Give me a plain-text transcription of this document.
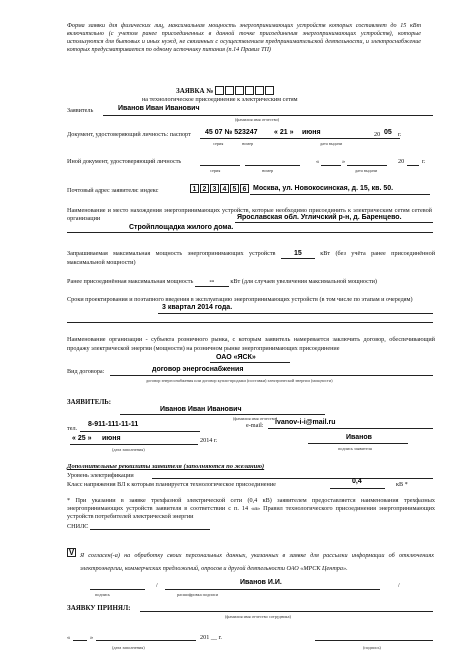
Форма заявки для физических лиц, максимальная мощность энергопринимающих устройств которых составляет до 15 кВт включительно (с учетом ранее присоединенных в данной точке присоединения энергопринимающих устройств), которые используются для бытовых и иных нужд, не связанных с осуществлением предпринимательской деятельности, и электроснабжение которых предусматривается по одному источнику питания (п.14 Правил ТП)
ЗАЯВКА №
на технологическое присоединение к электрическим сетям
Заявитель	Иванов Иван Иванович
(фамилия имя отчество)
Документ, удостоверяющий личность: паспорт 45 07 № 523247 « 21 » июня	20 05 г.
серия	номер	дата выдачи
Иной документ, удостоверяющий личность	«	»	20	г.
серия	номер	дата выдачи
Почтовый адрес заявителя: индекс	1 2 3 4 5 6 Москва, ул. Новокосинская, д. 15, кв. 50.
Наименование и место нахождения энергопринимающих устройств, которые необходимо присоединить к электрическим сетям сетевой организации	Ярославская обл. Угличский р-н, д. Баренцево.
Стройплощадка жилого дома.
Запрашиваемая максимальная мощность энергопринимающих устройств	15	кВт (без учёта ранее присоединённой максимальной мощности)
Ранее присоединённая максимальная мощность --	кВт (для случаев увеличения максимальной мощности)
Сроки проектирования и поэтапного введения в эксплуатацию энергопринимающих устройств (в том числе по этапам и очередям)
3 квартал 2014 года.
Наименование организации - субъекта розничного рынка, с которым заявитель намеревается заключить договор, обеспечивающий продажу электрической энергии (мощности) на розничном рынке энергопринимающих присоединение
ОАО «ЯСК»
Вид договора:	договор энергоснабжения
договор энергоснабжения или договор купли-продажи (поставки) электрической энергии (мощности)
ЗАЯВИТЕЛЬ:
Иванов Иван Иванович
(фамилия имя отчество)
тел.
8-911-111-11-11	e-mail: ivanov-i-i@mail.ru
« 25 » июня	2014 г.
(дата заполнения)
Иванов
подпись заявителя
Дополнительные реквизиты заявителя (заполняются по желанию)
Уровень электрификации
Класс напряжения ВЛ к которым планируется технологическое присоединение	0,4	кВ *
* При указании в заявке трехфазной электрической сети (0,4 кВ) заявителем предоставляется наименования трехфазных энергопринимающих устройств заявителя в соответствии с п. 14 «а» Правил технологического присоединения энергопринимающих устройств потребителей электрической энергии
СНИЛС
V Я согласен(-а) на обработку своих персональных данных, указанных в заявке для рассылки информации об отключениях электроэнергии, коммерческих предложений, опросов и другой деятельности ОАО «МРСК Центра».
/	Иванов И.И.	/
подпись	расшифровка подписи
ЗАЯВКУ ПРИНЯЛ:
(фамилия имя отчество сотрудника)
«	»	201 __ г.
(дата заполнения)	(подпись)
